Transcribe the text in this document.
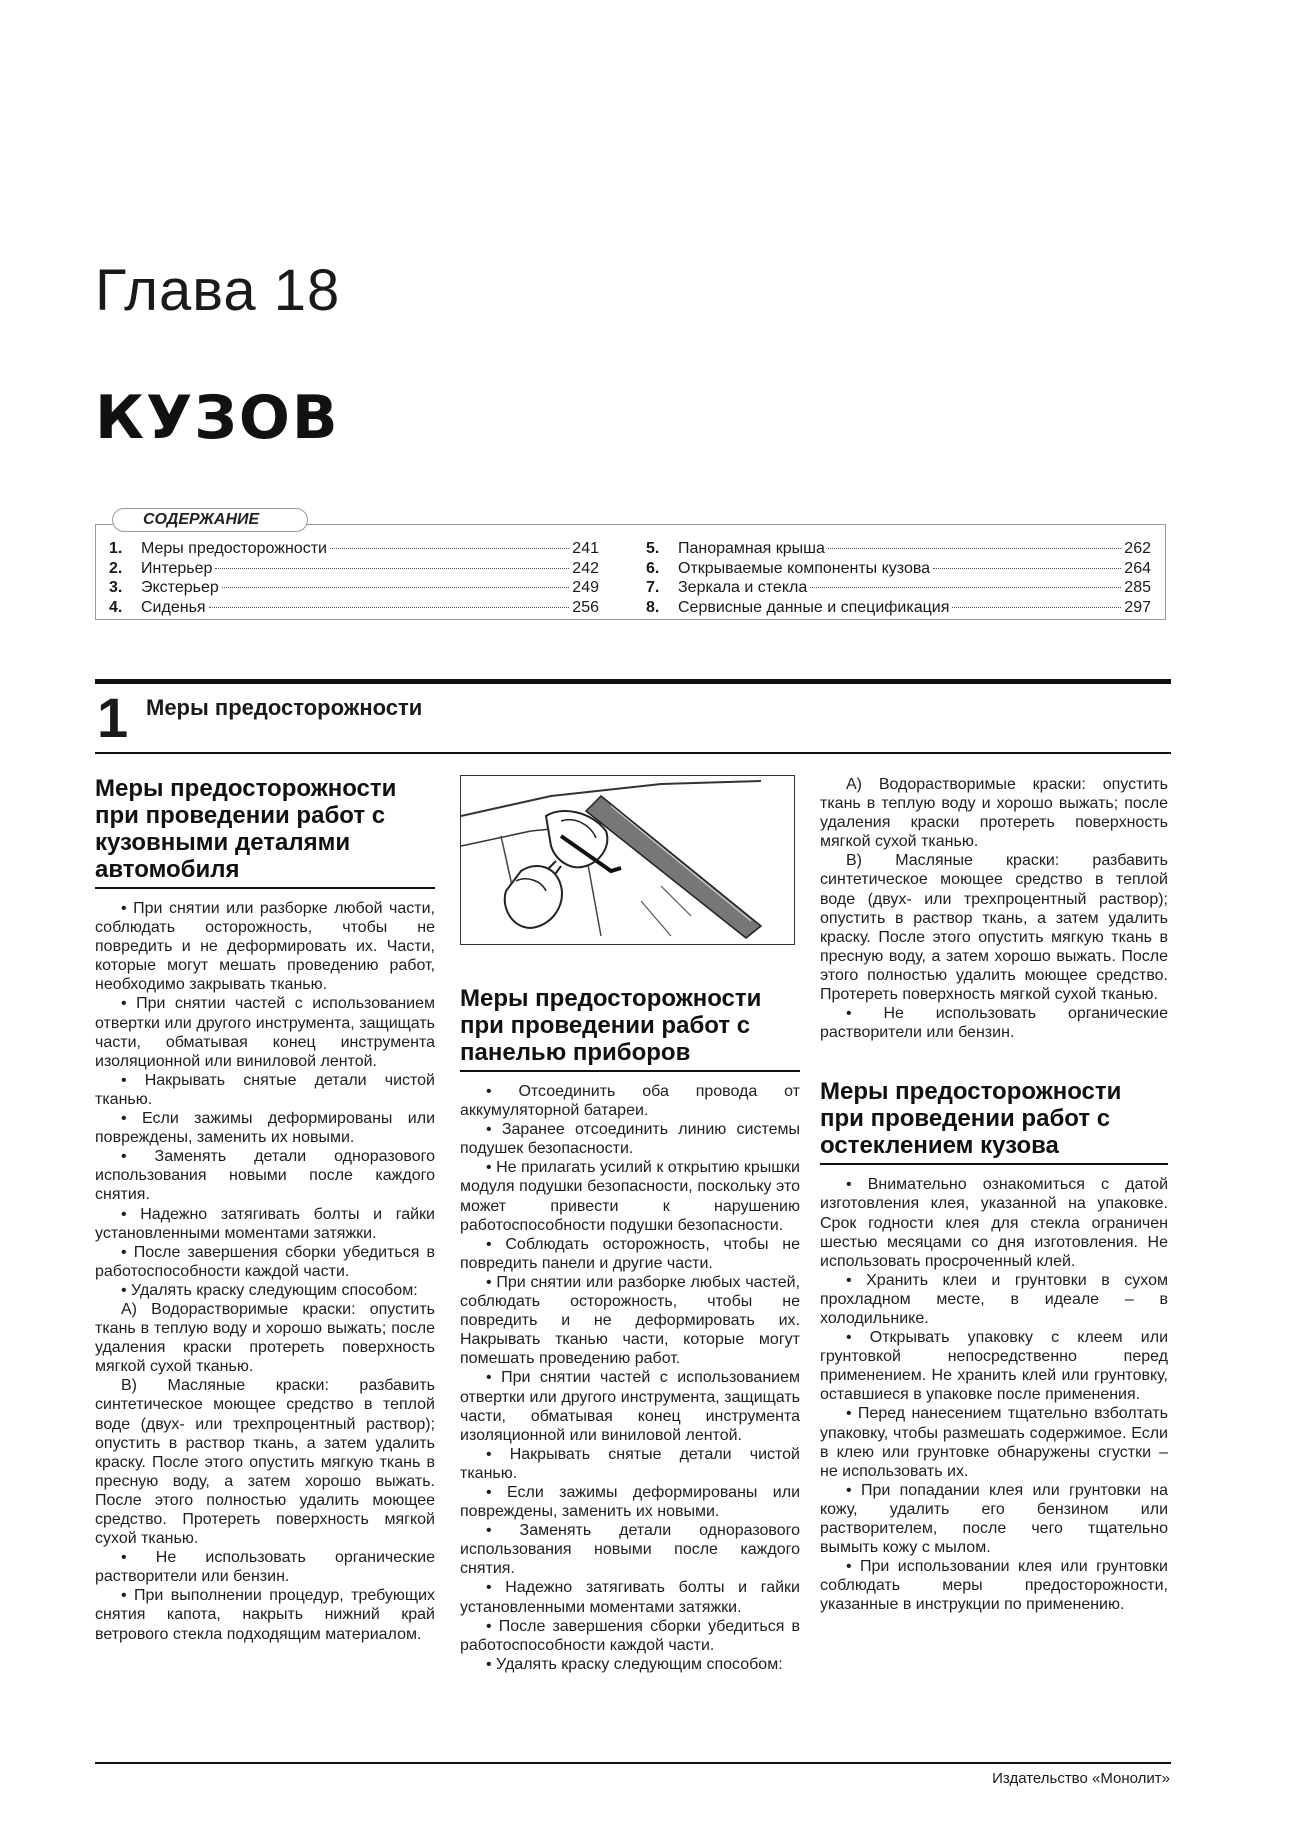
Глава 18
КУЗОВ
СОДЕРЖАНИЕ
1.	Меры предосторожности	241
2.	Интерьер	242
3.	Экстерьер	249
4.	Сиденья	256
5.	Панорамная крыша	262
6.	Открываемые компоненты кузова	264
7.	Зеркала и стекла	285
8.	Сервисные данные и спецификация	297
1 Меры предосторожности
Меры предосторожности при проведении работ с кузовными деталями автомобиля

• При снятии или разборке любой части, соблюдать осторожность, чтобы не повредить и не деформировать их. Части, которые могут мешать проведению работ, необходимо закрывать тканью.

• При снятии частей с использованием отвертки или другого инструмента, защищать части, обматывая конец инструмента изоляционной или виниловой лентой.

• Накрывать снятые детали чистой тканью.

• Если зажимы деформированы или повреждены, заменить их новыми.

• Заменять детали одноразового использования новыми после каждого снятия.

• Надежно затягивать болты и гайки установленными моментами затяжки.

• После завершения сборки убедиться в работоспособности каждой части.

• Удалять краску следующим способом:

A) Водорастворимые краски: опустить ткань в теплую воду и хорошо выжать; после удаления краски протереть поверхность мягкой сухой тканью.

B) Масляные краски: разбавить синтетическое моющее средство в теплой воде (двух- или трехпроцентный раствор); опустить в раствор ткань, а затем удалить краску. После этого опустить мягкую ткань в пресную воду, а затем хорошо выжать. После этого полностью удалить моющее средство. Протереть поверхность мягкой сухой тканью.

• Не использовать органические растворители или бензин.

• При выполнении процедур, требующих снятия капота, накрыть нижний край ветрового стекла подходящим материалом.

Меры предосторожности при проведении работ с панелью приборов

• Отсоединить оба провода от аккумуляторной батареи.

• Заранее отсоединить линию системы подушек безопасности.

• Не прилагать усилий к открытию крышки модуля подушки безопасности, поскольку это может привести к нарушению работоспособности подушки безопасности.

• Соблюдать осторожность, чтобы не повредить панели и другие части.

• При снятии или разборке любых частей, соблюдать осторожность, чтобы не повредить и не деформировать их. Накрывать тканью части, которые могут помешать проведению работ.

• При снятии частей с использованием отвертки или другого инструмента, защищать части, обматывая конец инструмента изоляционной или виниловой лентой.

• Накрывать снятые детали чистой тканью.

• Если зажимы деформированы или повреждены, заменить их новыми.

• Заменять детали одноразового использования новыми после каждого снятия.

• Надежно затягивать болты и гайки установленными моментами затяжки.

• После завершения сборки убедиться в работоспособности каждой части.

• Удалять краску следующим способом:

A) Водорастворимые краски: опустить ткань в теплую воду и хорошо выжать; после удаления краски протереть поверхность мягкой сухой тканью.

B) Масляные краски: разбавить синтетическое моющее средство в теплой воде (двух- или трехпроцентный раствор); опустить в раствор ткань, а затем удалить краску. После этого опустить мягкую ткань в пресную воду, а затем хорошо выжать. После этого полностью удалить моющее средство. Протереть поверхность мягкой сухой тканью.

• Не использовать органические растворители или бензин.

Меры предосторожности при проведении работ с остеклением кузова

• Внимательно ознакомиться с датой изготовления клея, указанной на упаковке. Срок годности клея для стекла ограничен шестью месяцами со дня изготовления. Не использовать просроченный клей.

• Хранить клеи и грунтовки в сухом прохладном месте, в идеале – в холодильнике.

• Открывать упаковку с клеем или грунтовкой непосредственно перед применением. Не хранить клей или грунтовку, оставшиеся в упаковке после применения.

• Перед нанесением тщательно взболтать упаковку, чтобы размешать содержимое. Если в клею или грунтовке обнаружены сгустки – не использовать их.

• При попадании клея или грунтовки на кожу, удалить его бензином или растворителем, после чего тщательно вымыть кожу с мылом.

• При использовании клея или грунтовки соблюдать меры предосторожности, указанные в инструкции по применению.

Издательство «Монолит»
